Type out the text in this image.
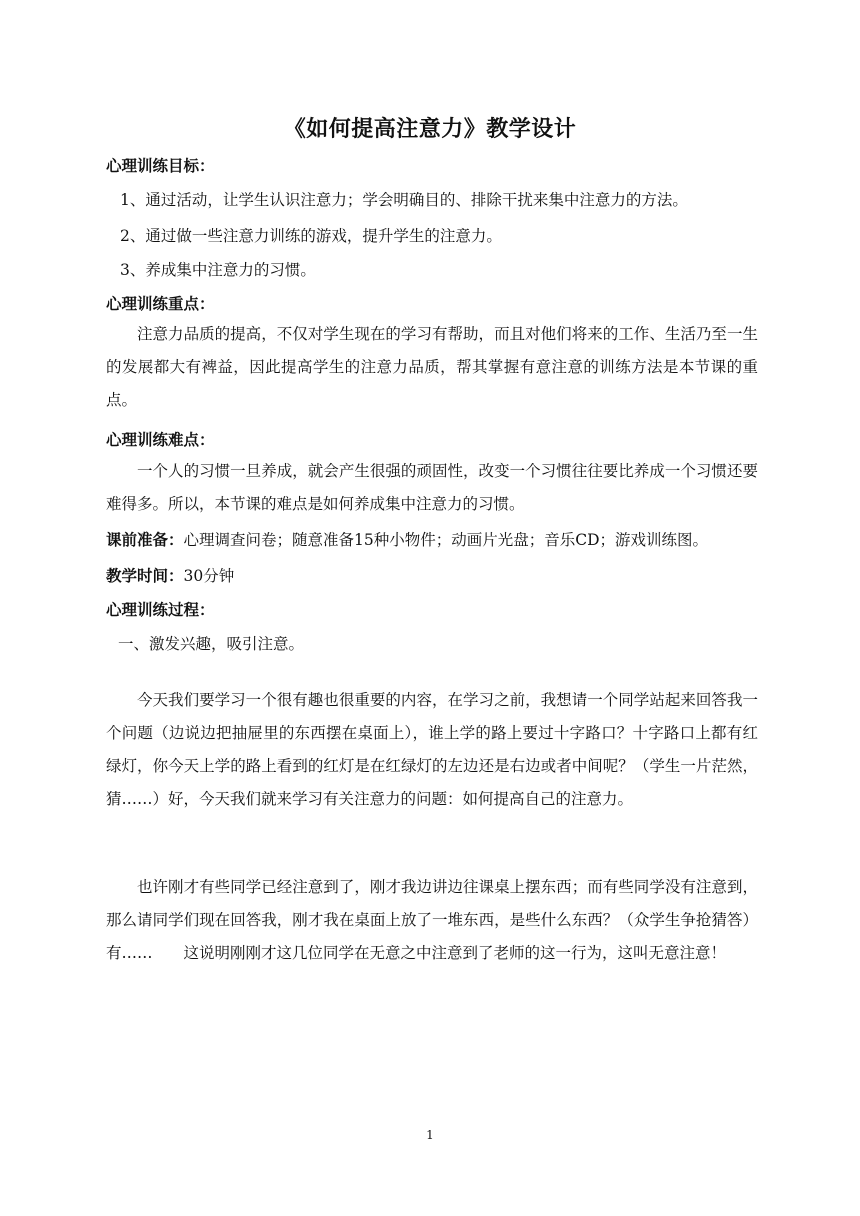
《如何提高注意力》教学设计
心理训练目标：
1、通过活动，让学生认识注意力；学会明确目的、排除干扰来集中注意力的方法。
2、通过做一些注意力训练的游戏，提升学生的注意力。
3、养成集中注意力的习惯。
心理训练重点：
注意力品质的提高，不仅对学生现在的学习有帮助，而且对他们将来的工作、生活乃至一生的发展都大有裨益，因此提高学生的注意力品质，帮其掌握有意注意的训练方法是本节课的重点。
心理训练难点：
一个人的习惯一旦养成，就会产生很强的顽固性，改变一个习惯往往要比养成一个习惯还要难得多。所以，本节课的难点是如何养成集中注意力的习惯。
课前准备：心理调查问卷；随意准备15种小物件；动画片光盘；音乐CD；游戏训练图。
教学时间：30分钟
心理训练过程：
一、激发兴趣，吸引注意。
今天我们要学习一个很有趣也很重要的内容，在学习之前，我想请一个同学站起来回答我一个问题（边说边把抽屉里的东西摆在桌面上），谁上学的路上要过十字路口？十字路口上都有红绿灯，你今天上学的路上看到的红灯是在红绿灯的左边还是右边或者中间呢？（学生一片茫然，猜……）好，今天我们就来学习有关注意力的问题：如何提高自己的注意力。
也许刚才有些同学已经注意到了，刚才我边讲边往课桌上摆东西；而有些同学没有注意到，那么请同学们现在回答我，刚才我在桌面上放了一堆东西，是些什么东西？（众学生争抢猜答）有……　　这说明刚刚才这几位同学在无意之中注意到了老师的这一行为，这叫无意注意！
1
